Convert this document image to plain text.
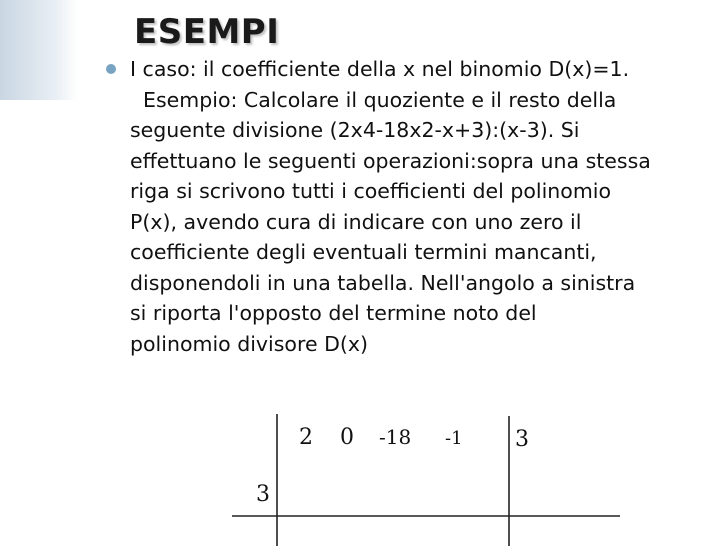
ESEMPI
I caso: il coefficiente della x nel binomio D(x)=1.
Esempio: Calcolare il quoziente e il resto della
seguente divisione (2x4-18x2-x+3):(x-3). Si
effettuano le seguenti operazioni:sopra una stessa
riga si scrivono tutti i coefficienti del polinomio
P(x), avendo cura di indicare con uno zero il
coefficiente degli eventuali termini mancanti,
disponendoli in una tabella. Nell'angolo a sinistra
si riporta l'opposto del termine noto del
polinomio divisore D(x)
2 0 -18 -1 3
3
